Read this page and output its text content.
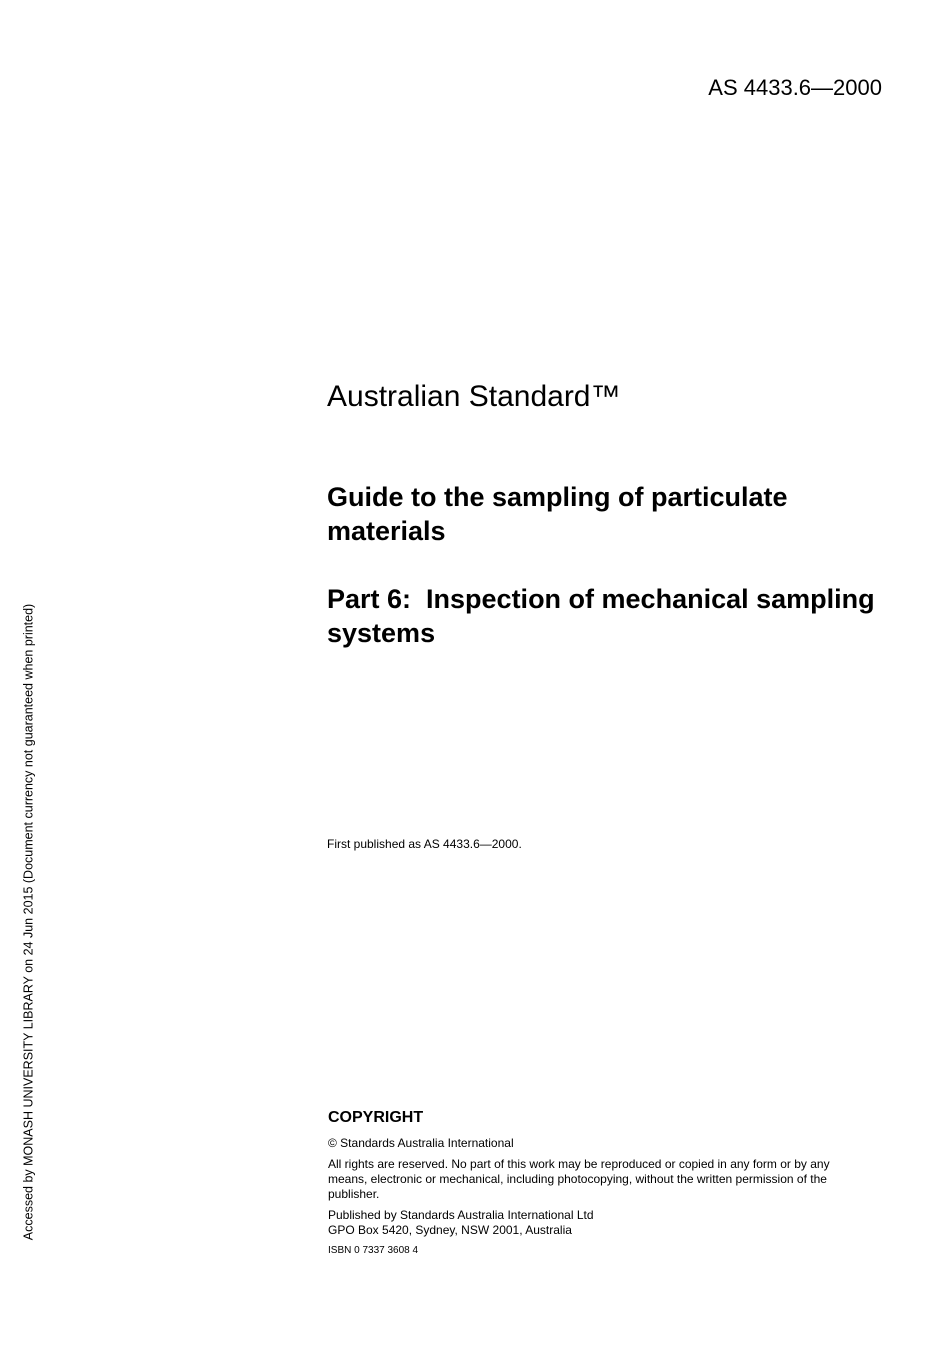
AS 4433.6—2000
Australian Standard™
Guide to the sampling of particulate materials
Part 6:  Inspection of mechanical sampling systems
First published as AS 4433.6—2000.
COPYRIGHT
© Standards Australia International
All rights are reserved. No part of this work may be reproduced or copied in any form or by any means, electronic or mechanical, including photocopying, without the written permission of the publisher.
Published by Standards Australia International Ltd
GPO Box 5420, Sydney, NSW 2001, Australia
ISBN 0 7337 3608 4
Accessed by MONASH UNIVERSITY LIBRARY on 24 Jun 2015 (Document currency not guaranteed when printed)
